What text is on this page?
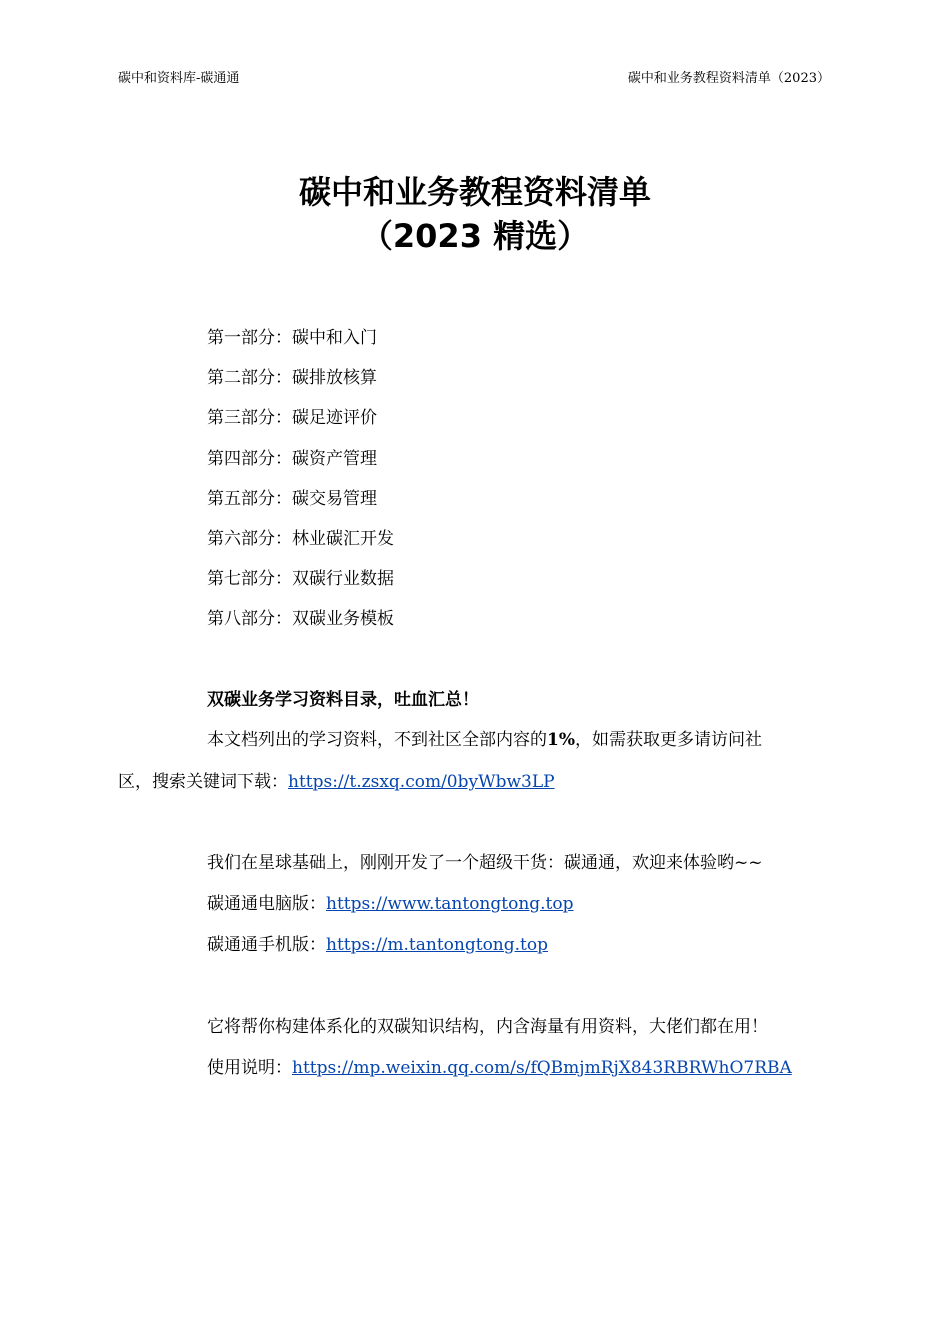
碳中和资料库-碳通通	碳中和业务教程资料清单（2023）
碳中和业务教程资料清单
（2023 精选）
第一部分：碳中和入门
第二部分：碳排放核算
第三部分：碳足迹评价
第四部分：碳资产管理
第五部分：碳交易管理
第六部分：林业碳汇开发
第七部分：双碳行业数据
第八部分：双碳业务模板
双碳业务学习资料目录，吐血汇总！
本文档列出的学习资料，不到社区全部内容的1%，如需获取更多请访问社
区，搜索关键词下载：https://t.zsxq.com/0byWbw3LP
我们在星球基础上，刚刚开发了一个超级干货：碳通通，欢迎来体验哟~~
碳通通电脑版：https://www.tantongtong.top
碳通通手机版：https://m.tantongtong.top
它将帮你构建体系化的双碳知识结构，内含海量有用资料，大佬们都在用！
使用说明：https://mp.weixin.qq.com/s/fQBmjmRjX843RBRWhO7RBA
